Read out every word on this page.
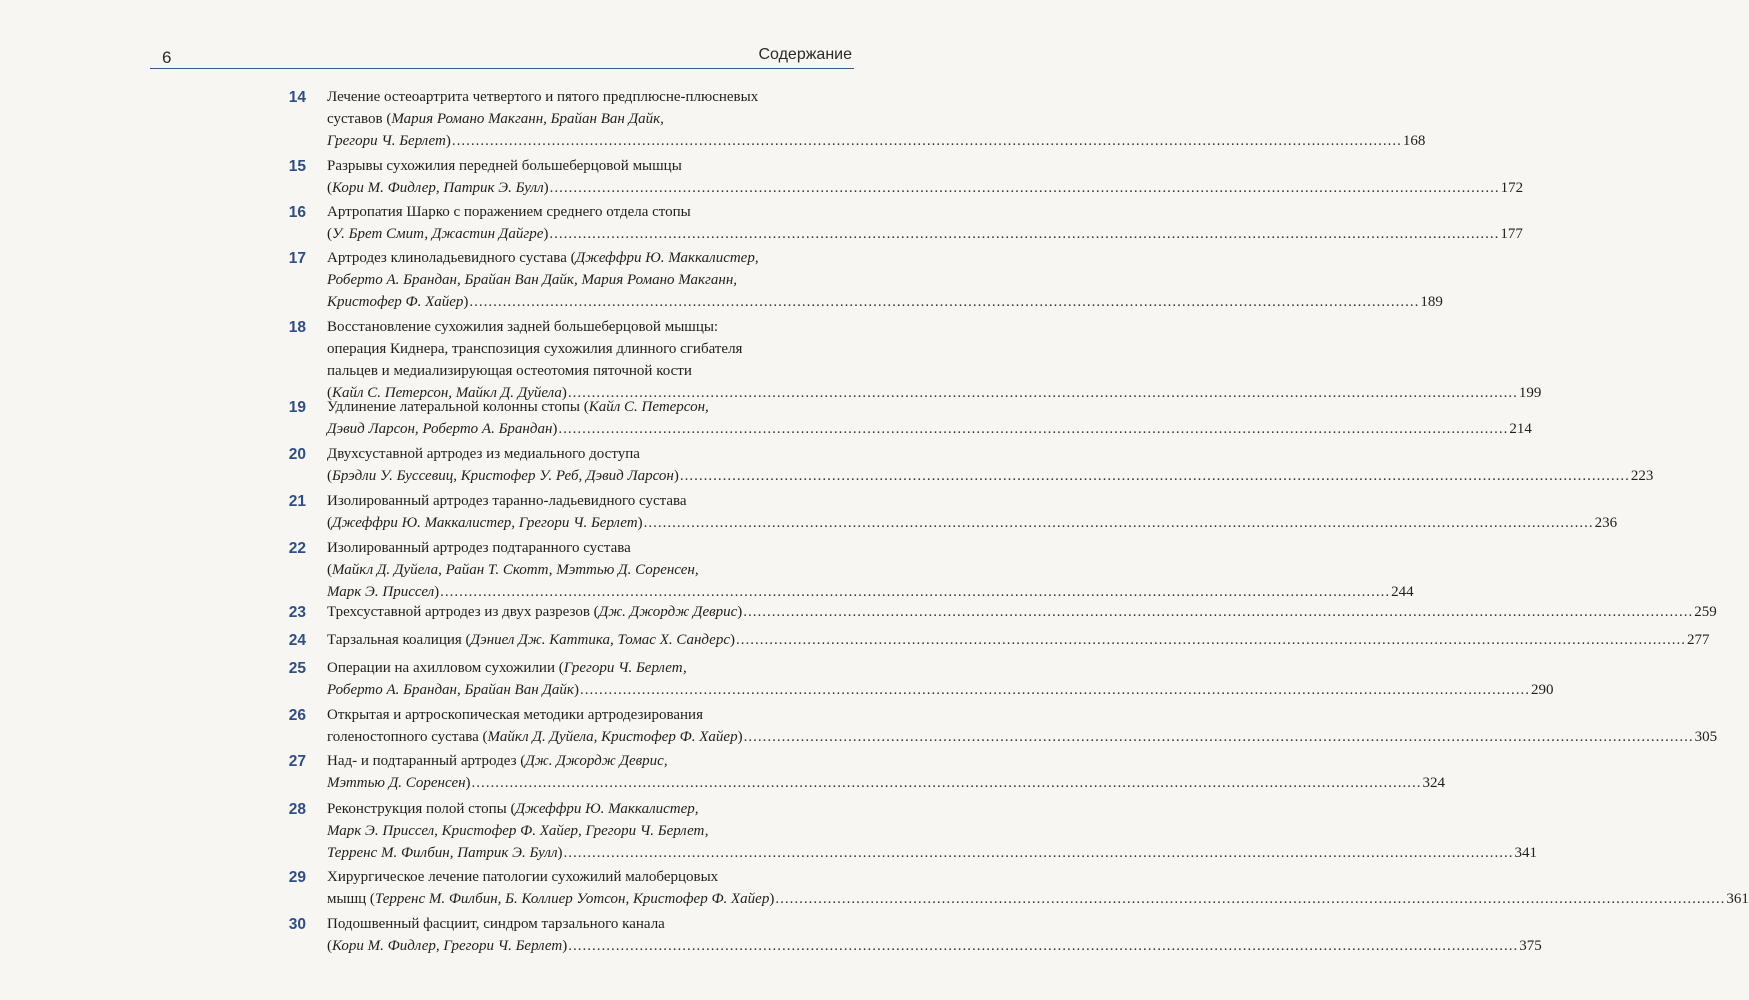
6	Содержание
14 Лечение остеоартрита четвертого и пятого предплюсне-плюсневых
суставов (Мария Романо Макганн, Брайан Ван Дайк,
Грегори Ч. Берлет) ........................................................................................................................................................................................................ 168
15 Разрывы сухожилия передней большеберцовой мышцы
(Кори М. Фидлер, Патрик Э. Булл) ........................................................................................................................................................................................................ 172
16 Артропатия Шарко с поражением среднего отдела стопы
(У. Брет Смит, Джастин Дайгре) ........................................................................................................................................................................................................ 177
17 Артродез клиноладьевидного сустава (Джеффри Ю. Маккалистер,
Роберто А. Брандан, Брайан Ван Дайк, Мария Романо Макганн,
Кристофер Ф. Хайер) ........................................................................................................................................................................................................ 189
18 Восстановление сухожилия задней большеберцовой мышцы:
операция Киднера, транспозиция сухожилия длинного сгибателя
пальцев и медиализирующая остеотомия пяточной кости
(Кайл С. Петерсон, Майкл Д. Дуйела) ........................................................................................................................................................................................................ 199
19 Удлинение латеральной колонны стопы (Кайл С. Петерсон,
Дэвид Ларсон, Роберто А. Брандан) ........................................................................................................................................................................................................ 214
20 Двухсуставной артродез из медиального доступа
(Брэдли У. Буссевиц, Кристофер У. Реб, Дэвид Ларсон) ........................................................................................................................................................................................................ 223
21 Изолированный артродез таранно-ладьевидного сустава
(Джеффри Ю. Маккалистер, Грегори Ч. Берлет) ........................................................................................................................................................................................................ 236
22 Изолированный артродез подтаранного сустава
(Майкл Д. Дуйела, Райан Т. Скотт, Мэттью Д. Соренсен,
Марк Э. Приссел) ........................................................................................................................................................................................................ 244
23 Трехсуставной артродез из двух разрезов (Дж. Джордж Деврис) ........................................................................................................................................................................................................ 259
24 Тарзальная коалиция (Дэниел Дж. Каттика, Томас Х. Сандерс) ........................................................................................................................................................................................................ 277
25 Операции на ахилловом сухожилии (Грегори Ч. Берлет,
Роберто А. Брандан, Брайан Ван Дайк) ........................................................................................................................................................................................................ 290
26 Открытая и артроскопическая методики артродезирования
голеностопного сустава (Майкл Д. Дуйела, Кристофер Ф. Хайер) ........................................................................................................................................................................................................ 305
27 Над- и подтаранный артродез (Дж. Джордж Деврис,
Мэттью Д. Соренсен) ........................................................................................................................................................................................................ 324
28 Реконструкция полой стопы (Джеффри Ю. Маккалистер,
Марк Э. Приссел, Кристофер Ф. Хайер, Грегори Ч. Берлет,
Терренс М. Филбин, Патрик Э. Булл) ........................................................................................................................................................................................................ 341
29 Хирургическое лечение патологии сухожилий малоберцовых
мышц (Терренс М. Филбин, Б. Коллиер Уотсон, Кристофер Ф. Хайер) ........................................................................................................................................................................................................ 361
30 Подошвенный фасциит, синдром тарзального канала
(Кори М. Фидлер, Грегори Ч. Берлет) ........................................................................................................................................................................................................ 375
